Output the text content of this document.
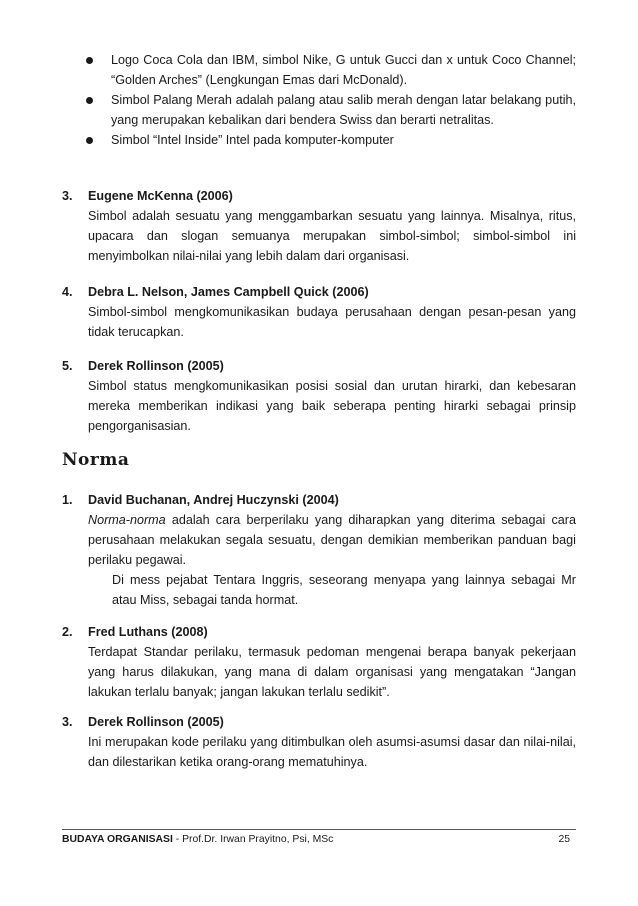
Logo Coca Cola dan IBM, simbol Nike, G untuk Gucci dan x untuk Coco Channel; “Golden Arches” (Lengkungan Emas dari McDonald).
Simbol Palang Merah adalah palang atau salib merah dengan latar belakang putih, yang merupakan kebalikan dari bendera Swiss dan berarti netralitas.
Simbol “Intel Inside” Intel pada komputer-komputer
3. Eugene McKenna (2006)
Simbol adalah sesuatu yang menggambarkan sesuatu yang lainnya. Misalnya, ritus, upacara dan slogan semuanya merupakan simbol-simbol; simbol-simbol ini menyimbolkan nilai-nilai yang lebih dalam dari organisasi.
4. Debra L. Nelson, James Campbell Quick (2006)
Simbol-simbol mengkomunikasikan budaya perusahaan dengan pesan-pesan yang tidak terucapkan.
5. Derek Rollinson (2005)
Simbol status mengkomunikasikan posisi sosial dan urutan hirarki, dan kebesaran mereka memberikan indikasi yang baik seberapa penting hirarki sebagai prinsip pengorganisasian.
Norma
1. David Buchanan, Andrej Huczynski (2004)

Norma-norma adalah cara berperilaku yang diharapkan yang diterima sebagai cara perusahaan melakukan segala sesuatu, dengan demikian memberikan panduan bagi perilaku pegawai.

Di mess pejabat Tentara Inggris, seseorang menyapa yang lainnya sebagai Mr atau Miss, sebagai tanda hormat.

2. Fred Luthans (2008)
Terdapat Standar perilaku, termasuk pedoman mengenai berapa banyak pekerjaan yang harus dilakukan, yang mana di dalam organisasi yang mengatakan “Jangan lakukan terlalu banyak; jangan lakukan terlalu sedikit”.
3. Derek Rollinson (2005)
Ini merupakan kode perilaku yang ditimbulkan oleh asumsi-asumsi dasar dan nilai-nilai, dan dilestarikan ketika orang-orang mematuhinya.
BUDAYA ORGANISASI - Prof.Dr. Irwan Prayitno, Psi, MSc	25
